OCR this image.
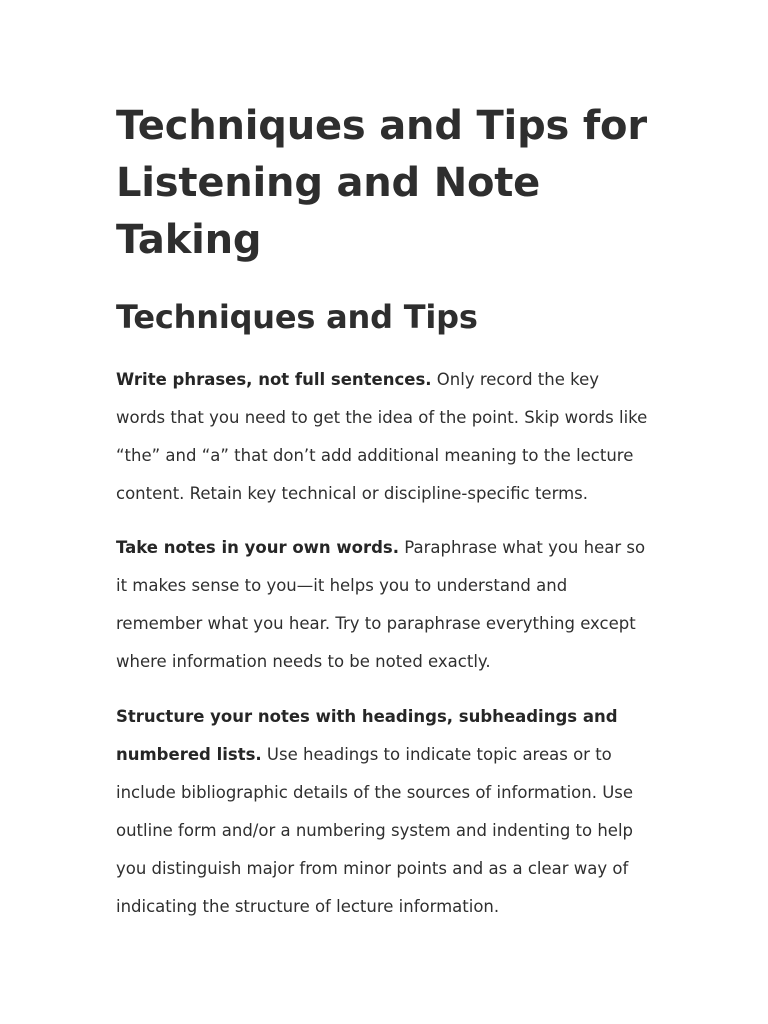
Techniques and Tips for Listening and Note Taking
Techniques and Tips

Write phrases, not full sentences. Only record the key words that you need to get the idea of the point. Skip words like “the” and “a” that don’t add additional meaning to the lecture content. Retain key technical or discipline-specific terms.

Take notes in your own words. Paraphrase what you hear so it makes sense to you—it helps you to understand and remember what you hear. Try to paraphrase everything except where information needs to be noted exactly.

Structure your notes with headings, subheadings and numbered lists. Use headings to indicate topic areas or to include bibliographic details of the sources of information. Use outline form and/or a numbering system and indenting to help you distinguish major from minor points and as a clear way of indicating the structure of lecture information.
